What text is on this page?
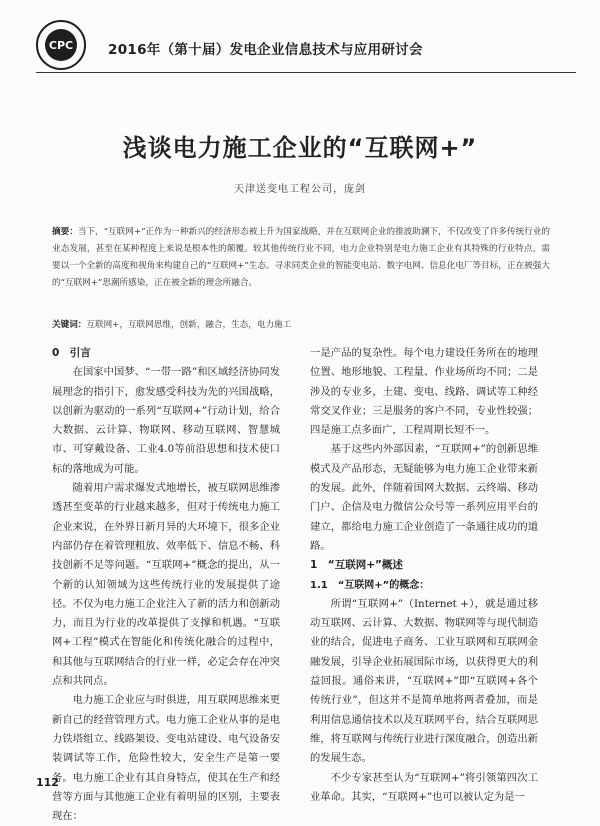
CPC	2016年（第十届）发电企业信息技术与应用研讨会
浅谈电力施工企业的“互联网+”
天津送变电工程公司，庞剑
摘要：当下，“互联网+”正作为一种新兴的经济形态被上升为国家战略，并在互联网企业的推波助澜下，不仅改变了许多传统行业的业态发展，甚至在某种程度上来说是根本性的颠覆。较其他传统行业不同，电力企业特别是电力施工企业有其特殊的行业特点，需要以一个全新的高度和视角来构建自己的“互联网+”生态。寻求同类企业的智能变电站、数字电网、信息化电厂等目标，正在被强大的“互联网+”思潮所感染，正在被全新的理念所融合。
关键词：互联网+，互联网思维，创新，融合，生态，电力施工
0　引言

在国家中国梦、“一带一路”和区域经济协同发展理念的指引下，愈发感受科技为先的兴国战略，以创新为驱动的一系列“互联网+”行动计划，给合大数据、云计算、物联网、移动互联网、智慧城市、可穿戴设备、工业4.0等前沿思想和技术使口标的落地成为可能。

随着用户需求爆发式地增长，被互联网思维渗透甚至变革的行业越来越多，但对于传统电力施工企业来说，在外界日新月异的大环境下，很多企业内部仍存在着管理粗放、效率低下、信息不畅、科技创新不足等问题。“互联网+”概念的提出，从一个新的认知领域为这些传统行业的发展提供了途径。不仅为电力施工企业注入了新的活力和创新动力，而且为行业的改革提供了支撑和机遇。“互联网+工程”模式在智能化和传统化融合的过程中，和其他与互联网结合的行业一样，必定会存在冲突点和共同点。

电力施工企业应与时俱进，用互联网思维来更新自己的经营管理方式。电力施工企业从事的是电力铁塔组立、线路架设、变电站建设、电气设备安装调试等工作，危险性较大，安全生产是第一要务。电力施工企业有其自身特点，使其在生产和经营等方面与其他施工企业有着明显的区别，主要表现在：

一是产品的复杂性。每个电力建设任务所在的地理位置、地形地貌、工程量、作业场所均不同；二是涉及的专业多，土建、变电、线路、调试等工种经常交叉作业；三是服务的客户不同，专业性较强；四是施工点多面广，工程周期长短不一。

基于这些内外部因素，“互联网+”的创新思维模式及产品形态，无疑能够为电力施工企业带来新的发展。此外，伴随着国网大数据、云终端、移动门户、企信及电力微信公众号等一系列应用平台的建立，都给电力施工企业创造了一条通往成功的道路。

1　“互联网+”概述
1.1　“互联网+”的概念：

所谓“互联网+”（Internet +），就是通过移动互联网、云计算、大数据、物联网等与现代制造业的结合，促进电子商务、工业互联网和互联网金融发展，引导企业拓展国际市场，以获得更大的利益回报。通俗来讲，“互联网+”即“互联网+各个传统行业”，但这并不是简单地将两者叠加，而是利用信息通信技术以及互联网平台，结合互联网思维，将互联网与传统行业进行深度融合，创造出新的发展生态。

不少专家甚至认为“互联网+”将引领第四次工业革命。其实，“互联网+”也可以被认定为是一

112
